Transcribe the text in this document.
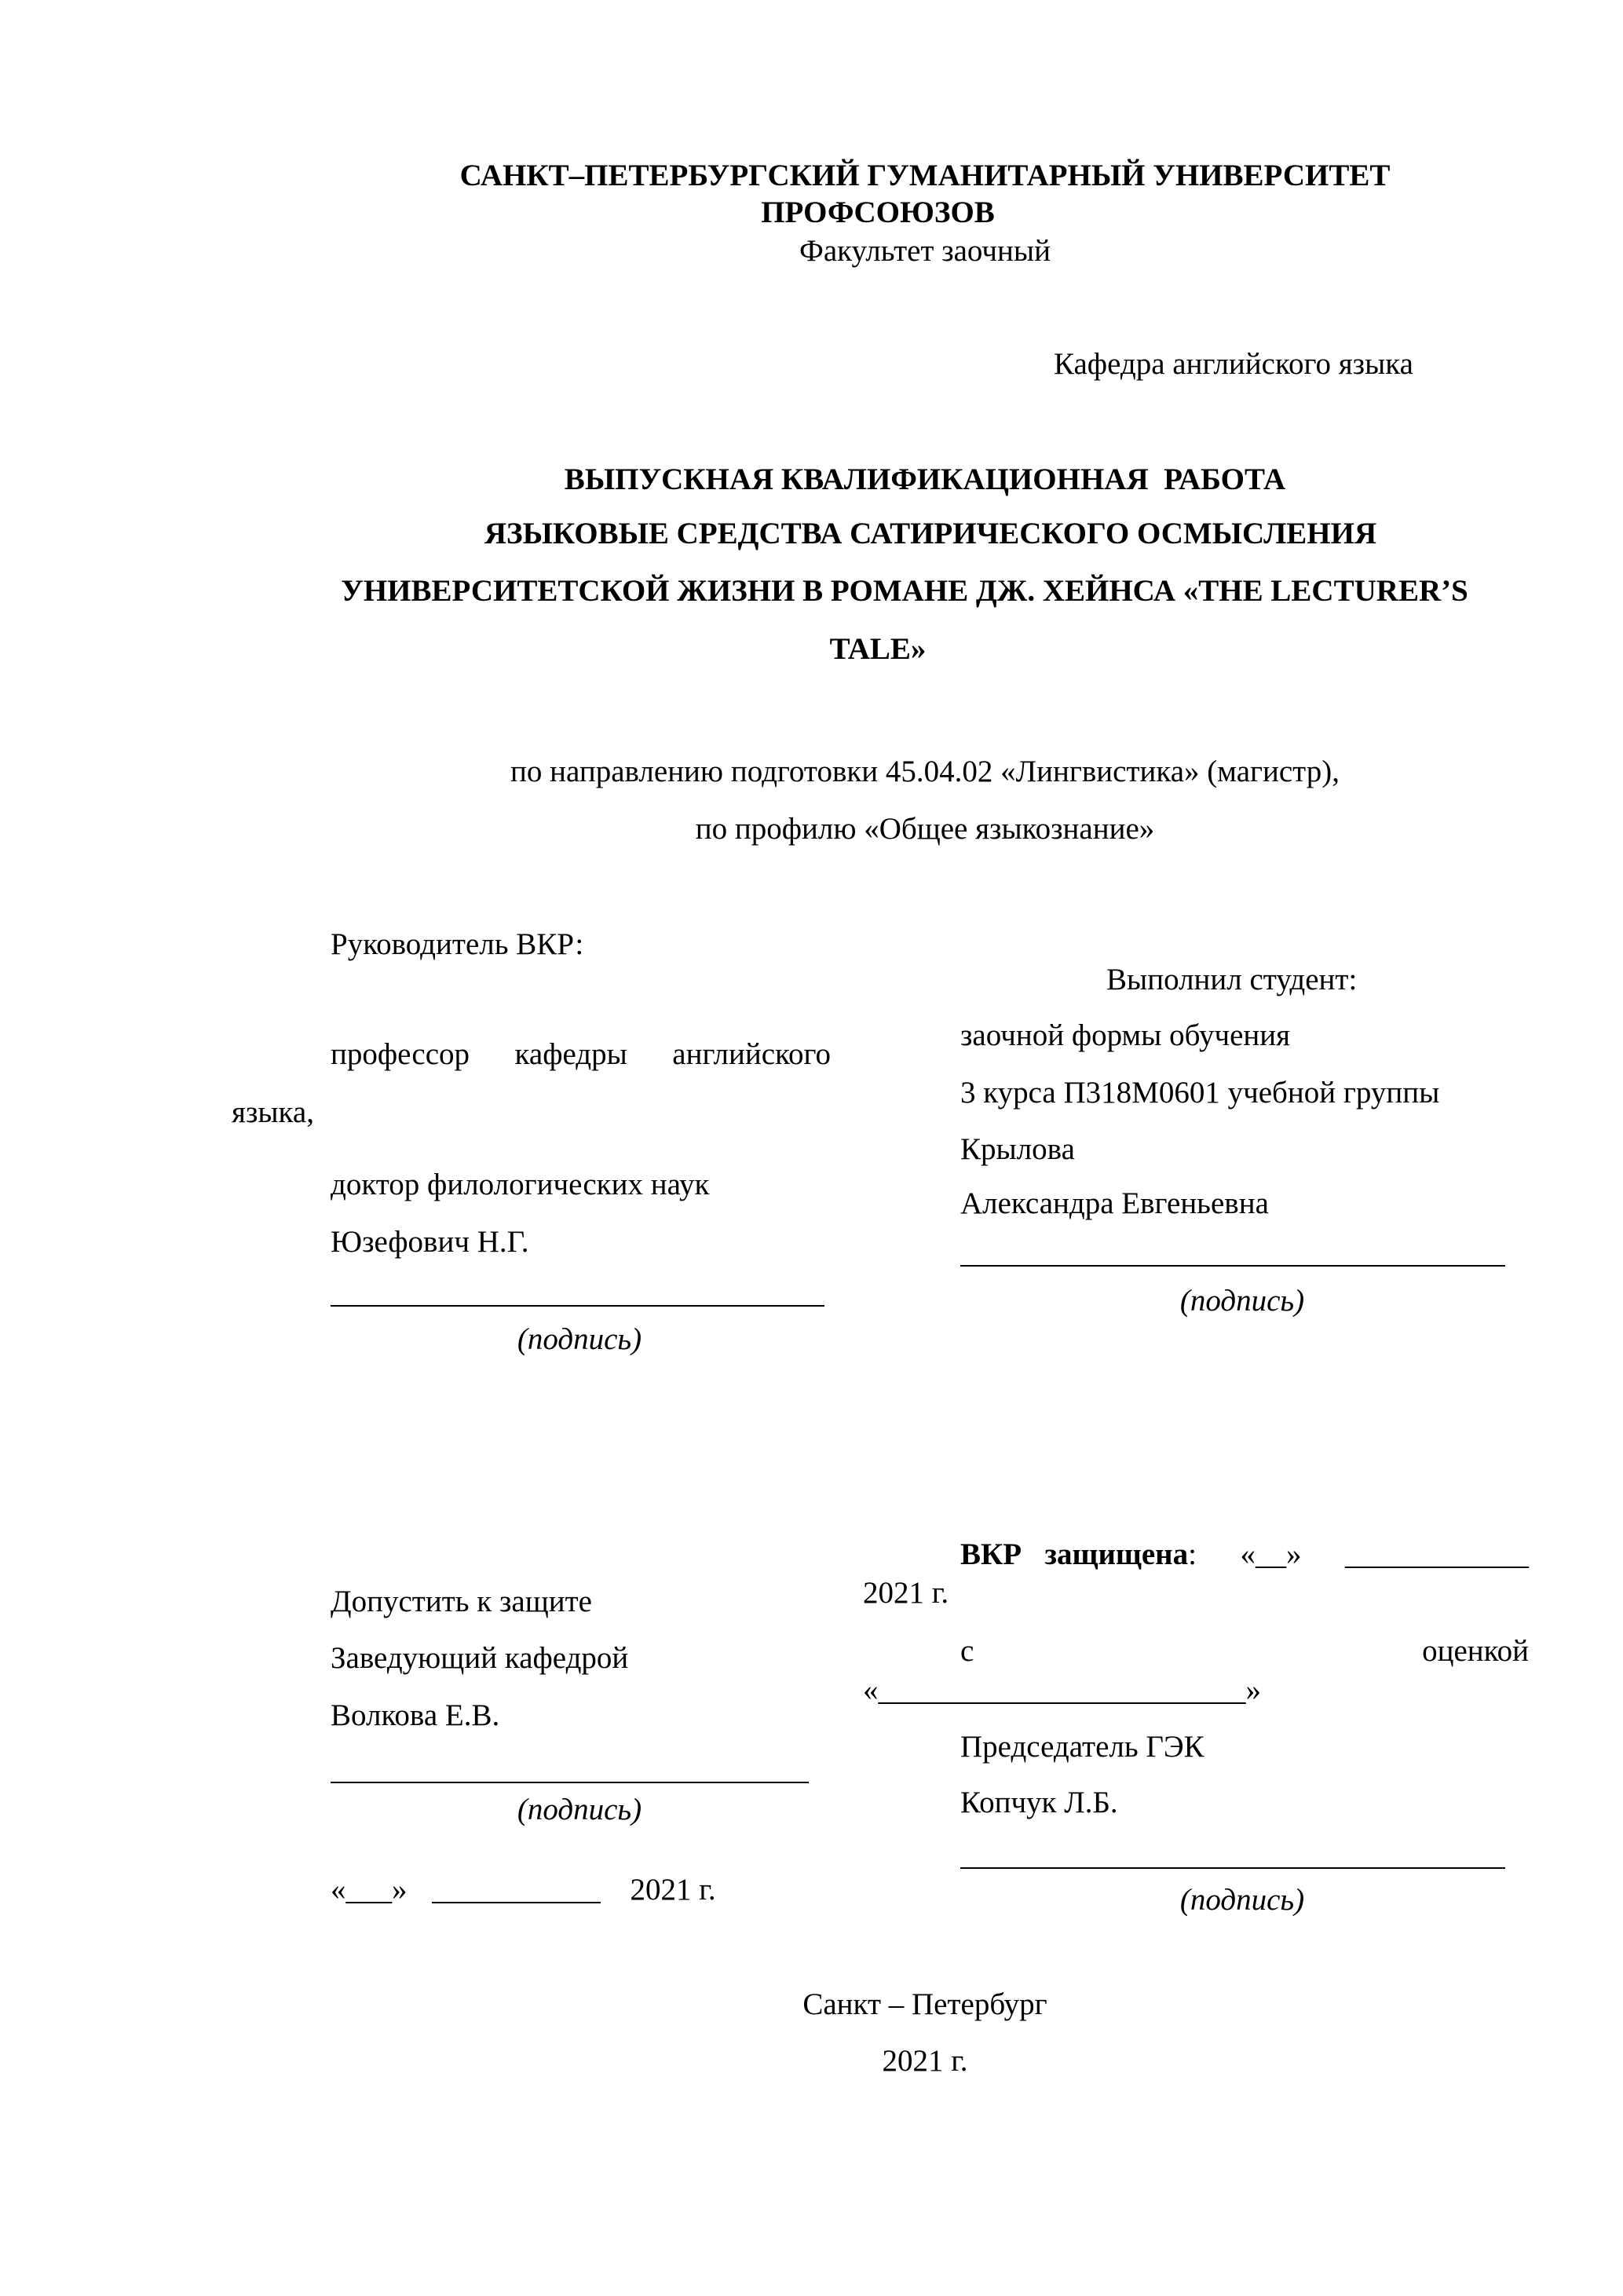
САНКТ–ПЕТЕРБУРГСКИЙ ГУМАНИТАРНЫЙ УНИВЕРСИТЕТ
ПРОФСОЮЗОВ
Факультет заочный
Кафедра английского языка
ВЫПУСКНАЯ КВАЛИФИКАЦИОННАЯ  РАБОТА
ЯЗЫКОВЫЕ СРЕДСТВА САТИРИЧЕСКОГО ОСМЫСЛЕНИЯ
УНИВЕРСИТЕТСКОЙ ЖИЗНИ В РОМАНЕ ДЖ. ХЕЙНСА «THE LECTURER’S
TALE»
по направлению подготовки 45.04.02 «Лингвистика» (магистр),
по профилю «Общее языкознание»
Руководитель ВКР:
профессор кафедры английского
языка,
доктор филологических наук
Юзефович Н.Г.
(подпись)
Выполнил студент:
заочной формы обучения
3 курса П318М0601 учебной группы
Крылова
Александра Евгеньевна
(подпись)
ВКР   защищена: «__» ____________
2021 г.
с	оценкой
«________________________»
Председатель ГЭК
Копчук Л.Б.
(подпись)
Допустить к защите
Заведующий кафедрой
Волкова Е.В.
(подпись)
«___» ___________ 2021 г.
Санкт – Петербург
2021 г.
